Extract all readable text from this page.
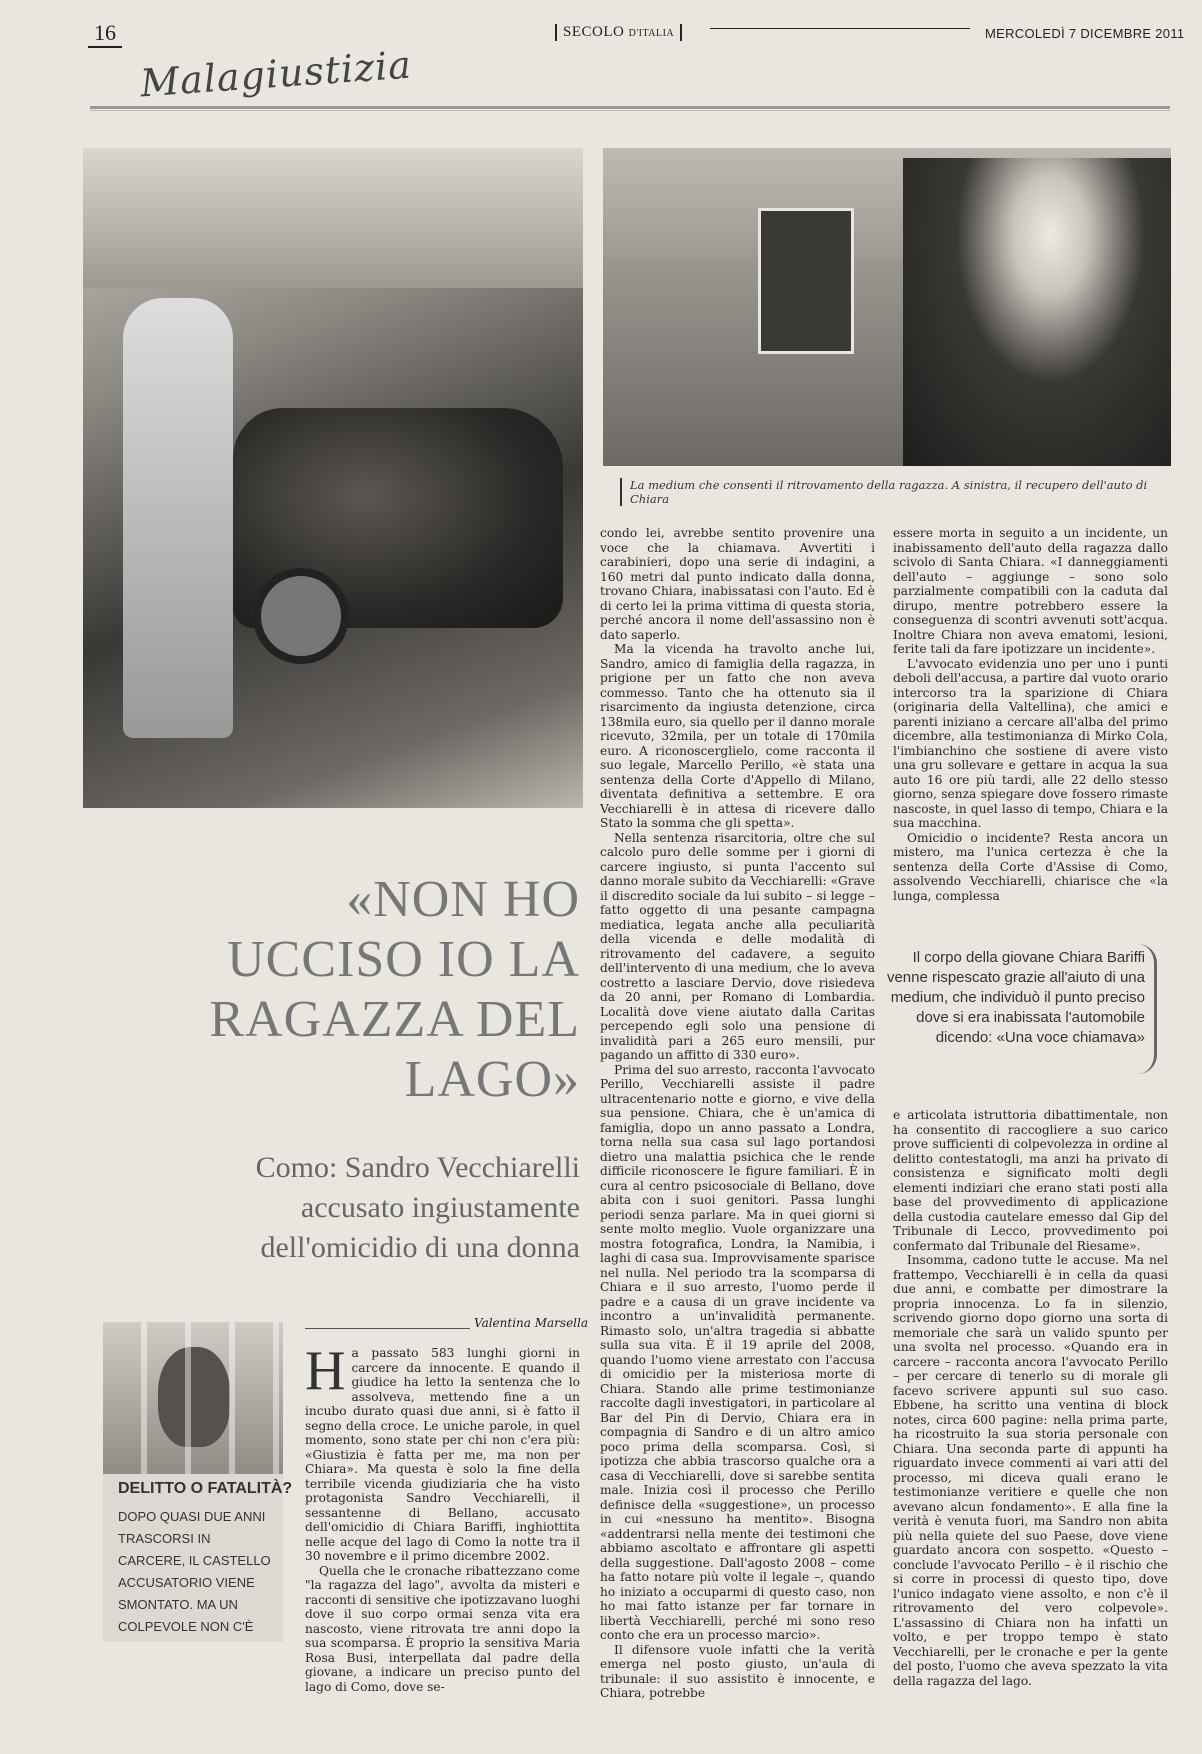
16	SECOLO D'ITALIA	MERCOLEDÌ 7 DICEMBRE 2011
Malagiustizia
La medium che consentì il ritrovamento della ragazza. A sinistra, il recupero dell'auto di Chiara
«NON HO UCCISO IO LA RAGAZZA DEL LAGO»
Como: Sandro Vecchiarelli accusato ingiustamente dell'omicidio di una donna
DELITTO O FATALITÀ?
DOPO QUASI DUE ANNI TRASCORSI IN CARCERE, IL CASTELLO ACCUSATORIO VIENE SMONTATO. MA UN COLPEVOLE NON C'È
Valentina Marsella

Ha passato 583 lunghi giorni in carcere da innocente. E quando il giudice ha letto la sentenza che lo assolveva, mettendo fine a un incubo durato quasi due anni, si è fatto il segno della croce. Le uniche parole, in quel momento, sono state per chi non c'era più: «Giustizia è fatta per me, ma non per Chiara». Ma questa è solo la fine della terribile vicenda giudiziaria che ha visto protagonista Sandro Vecchiarelli, il sessantenne di Bellano, accusato dell'omicidio di Chiara Bariffi, inghiottita nelle acque del lago di Como la notte tra il 30 novembre e il primo dicembre 2002.

Quella che le cronache ribattezzano come "la ragazza del lago", avvolta da misteri e racconti di sensitive che ipotizzavano luoghi dove il suo corpo ormai senza vita era nascosto, viene ritrovata tre anni dopo la sua scomparsa. È proprio la sensitiva Maria Rosa Busi, interpellata dal padre della giovane, a indicare un preciso punto del lago di Como, dove se-

condo lei, avrebbe sentito provenire una voce che la chiamava. Avvertiti i carabinieri, dopo una serie di indagini, a 160 metri dal punto indicato dalla donna, trovano Chiara, inabissatasi con l'auto. Ed è di certo lei la prima vittima di questa storia, perché ancora il nome dell'assassino non è dato saperlo.

Ma la vicenda ha travolto anche lui, Sandro, amico di famiglia della ragazza, in prigione per un fatto che non aveva commesso. Tanto che ha ottenuto sia il risarcimento da ingiusta detenzione, circa 138mila euro, sia quello per il danno morale ricevuto, 32mila, per un totale di 170mila euro. A riconoscerglielo, come racconta il suo legale, Marcello Perillo, «è stata una sentenza della Corte d'Appello di Milano, diventata definitiva a settembre. E ora Vecchiarelli è in attesa di ricevere dallo Stato la somma che gli spetta».

Nella sentenza risarcitoria, oltre che sul calcolo puro delle somme per i giorni di carcere ingiusto, si punta l'accento sul danno morale subito da Vecchiarelli: «Grave il discredito sociale da lui subito – si legge – fatto oggetto di una pesante campagna mediatica, legata anche alla peculiarità della vicenda e delle modalità di ritrovamento del cadavere, a seguito dell'intervento di una medium, che lo aveva costretto a lasciare Dervio, dove risiedeva da 20 anni, per Romano di Lombardia. Località dove viene aiutato dalla Caritas percependo egli solo una pensione di invalidità pari a 265 euro mensili, pur pagando un affitto di 330 euro».

Prima del suo arresto, racconta l'avvocato Perillo, Vecchiarelli assiste il padre ultracentenario notte e giorno, e vive della sua pensione. Chiara, che è un'amica di famiglia, dopo un anno passato a Londra, torna nella sua casa sul lago portandosi dietro una malattia psichica che le rende difficile riconoscere le figure familiari. È in cura al centro psicosociale di Bellano, dove abita con i suoi genitori. Passa lunghi periodi senza parlare. Ma in quei giorni si sente molto meglio. Vuole organizzare una mostra fotografica, Londra, la Namibia, i laghi di casa sua. Improvvisamente sparisce nel nulla. Nel periodo tra la scomparsa di Chiara e il suo arresto, l'uomo perde il padre e a causa di un grave incidente va incontro a un'invalidità permanente. Rimasto solo, un'altra tragedia si abbatte sulla sua vita. È il 19 aprile del 2008, quando l'uomo viene arrestato con l'accusa di omicidio per la misteriosa morte di Chiara. Stando alle prime testimonianze raccolte dagli investigatori, in particolare al Bar del Pin di Dervio, Chiara era in compagnia di Sandro e di un altro amico poco prima della scomparsa. Così, si ipotizza che abbia trascorso qualche ora a casa di Vecchiarelli, dove si sarebbe sentita male. Inizia così il processo che Perillo definisce della «suggestione», un processo in cui «nessuno ha mentito». Bisogna «addentrarsi nella mente dei testimoni che abbiamo ascoltato e affrontare gli aspetti della suggestione. Dall'agosto 2008 – come ha fatto notare più volte il legale –, quando ho iniziato a occuparmi di questo caso, non ho mai fatto istanze per far tornare in libertà Vecchiarelli, perché mi sono reso conto che era un processo marcio».

Il difensore vuole infatti che la verità emerga nel posto giusto, un'aula di tribunale: il suo assistito è innocente, e Chiara, potrebbe

essere morta in seguito a un incidente, un inabissamento dell'auto della ragazza dallo scivolo di Santa Chiara. «I danneggiamenti dell'auto – aggiunge – sono solo parzialmente compatibili con la caduta dal dirupo, mentre potrebbero essere la conseguenza di scontri avvenuti sott'acqua. Inoltre Chiara non aveva ematomi, lesioni, ferite tali da fare ipotizzare un incidente».

L'avvocato evidenzia uno per uno i punti deboli dell'accusa, a partire dal vuoto orario intercorso tra la sparizione di Chiara (originaria della Valtellina), che amici e parenti iniziano a cercare all'alba del primo dicembre, alla testimonianza di Mirko Cola, l'imbianchino che sostiene di avere visto una gru sollevare e gettare in acqua la sua auto 16 ore più tardi, alle 22 dello stesso giorno, senza spiegare dove fossero rimaste nascoste, in quel lasso di tempo, Chiara e la sua macchina.

Omicidio o incidente? Resta ancora un mistero, ma l'unica certezza è che la sentenza della Corte d'Assise di Como, assolvendo Vecchiarelli, chiarisce che «la lunga, complessa

Il corpo della giovane Chiara Bariffi venne rispescato grazie all'aiuto di una medium, che individuò il punto preciso dove si era inabissata l'automobile dicendo: «Una voce chiamava»

e articolata istruttoria dibattimentale, non ha consentito di raccogliere a suo carico prove sufficienti di colpevolezza in ordine al delitto contestatogli, ma anzi ha privato di consistenza e significato molti degli elementi indiziari che erano stati posti alla base del provvedimento di applicazione della custodia cautelare emesso dal Gip del Tribunale di Lecco, provvedimento poi confermato dal Tribunale del Riesame».

Insomma, cadono tutte le accuse. Ma nel frattempo, Vecchiarelli è in cella da quasi due anni, e combatte per dimostrare la propria innocenza. Lo fa in silenzio, scrivendo giorno dopo giorno una sorta di memoriale che sarà un valido spunto per una svolta nel processo. «Quando era in carcere – racconta ancora l'avvocato Perillo – per cercare di tenerlo su di morale gli facevo scrivere appunti sul suo caso. Ebbene, ha scritto una ventina di block notes, circa 600 pagine: nella prima parte, ha ricostruito la sua storia personale con Chiara. Una seconda parte di appunti ha riguardato invece commenti ai vari atti del processo, mi diceva quali erano le testimonianze veritiere e quelle che non avevano alcun fondamento». E alla fine la verità è venuta fuori, ma Sandro non abita più nella quiete del suo Paese, dove viene guardato ancora con sospetto. «Questo – conclude l'avvocato Perillo – è il rischio che si corre in processi di questo tipo, dove l'unico indagato viene assolto, e non c'è il ritrovamento del vero colpevole». L'assassino di Chiara non ha infatti un volto, e per troppo tempo è stato Vecchiarelli, per le cronache e per la gente del posto, l'uomo che aveva spezzato la vita della ragazza del lago.
